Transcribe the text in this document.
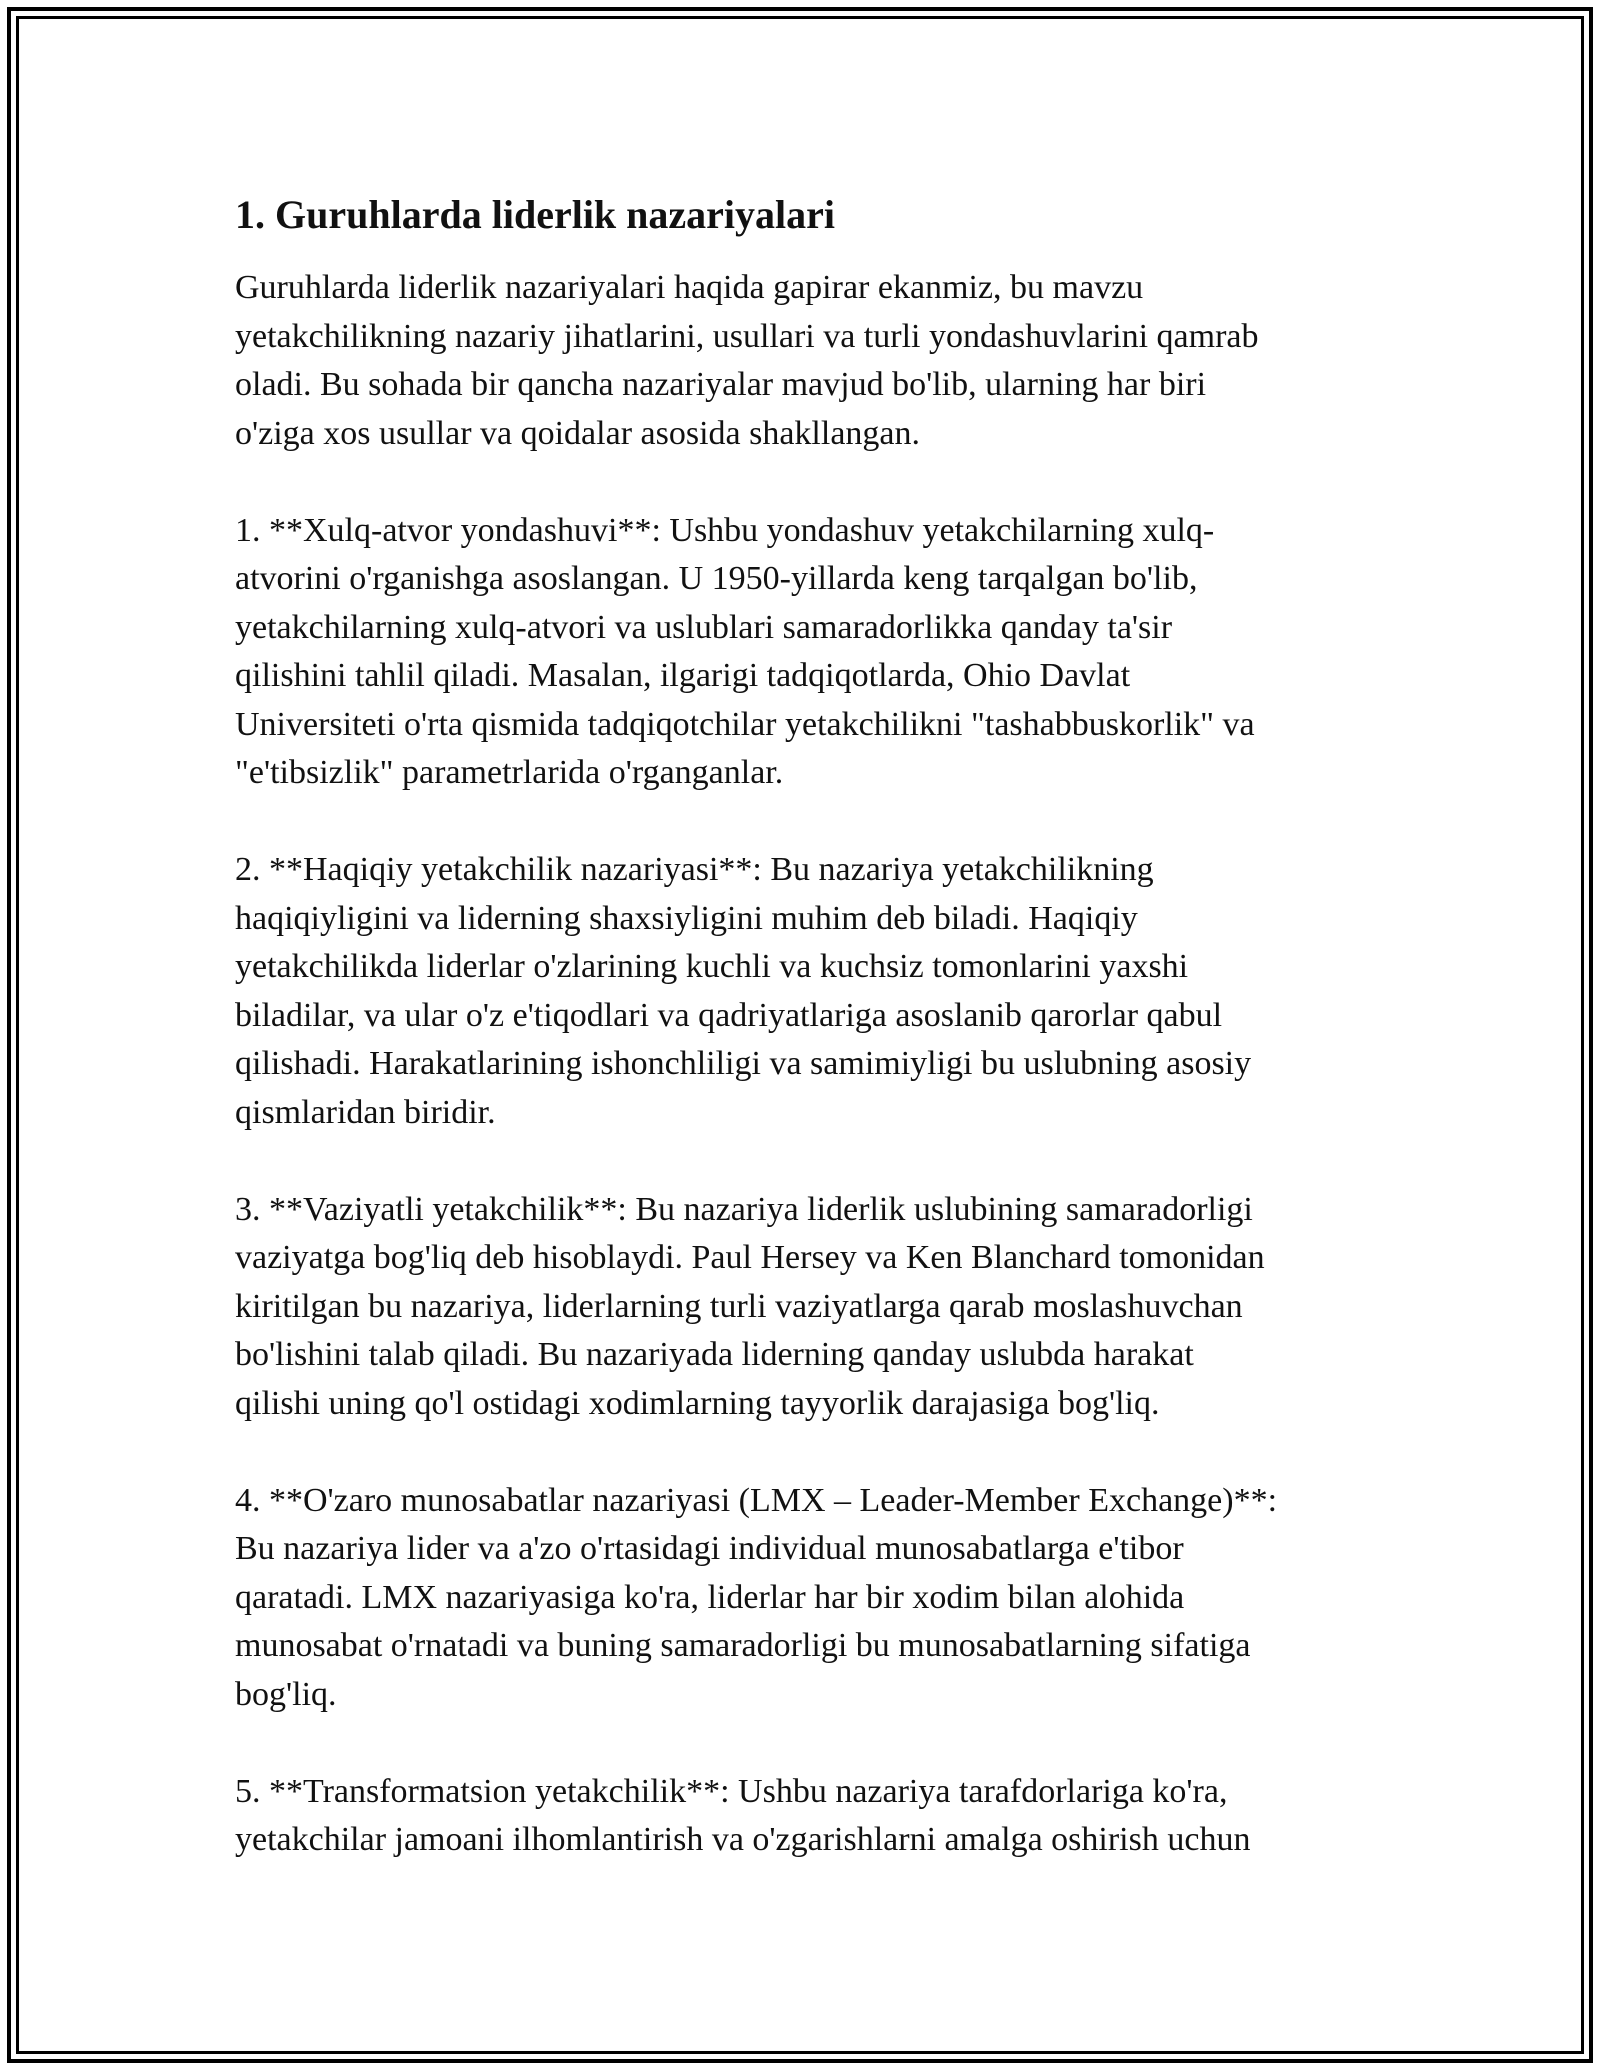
1. Guruhlarda liderlik nazariyalari

Guruhlarda liderlik nazariyalari haqida gapirar ekanmiz, bu mavzu
yetakchilikning nazariy jihatlarini, usullari va turli yondashuvlarini qamrab
oladi. Bu sohada bir qancha nazariyalar mavjud bo'lib, ularning har biri
o'ziga xos usullar va qoidalar asosida shakllangan.

1. **Xulq-atvor yondashuvi**: Ushbu yondashuv yetakchilarning xulq-
atvorini o'rganishga asoslangan. U 1950-yillarda keng tarqalgan bo'lib,
yetakchilarning xulq-atvori va uslublari samaradorlikka qanday ta'sir
qilishini tahlil qiladi. Masalan, ilgarigi tadqiqotlarda, Ohio Davlat
Universiteti o'rta qismida tadqiqotchilar yetakchilikni "tashabbuskorlik" va
"e'tibsizlik" parametrlarida o'rganganlar.

2. **Haqiqiy yetakchilik nazariyasi**: Bu nazariya yetakchilikning
haqiqiyligini va liderning shaxsiyligini muhim deb biladi. Haqiqiy
yetakchilikda liderlar o'zlarining kuchli va kuchsiz tomonlarini yaxshi
biladilar, va ular o'z e'tiqodlari va qadriyatlariga asoslanib qarorlar qabul
qilishadi. Harakatlarining ishonchliligi va samimiyligi bu uslubning asosiy
qismlaridan biridir.

3. **Vaziyatli yetakchilik**: Bu nazariya liderlik uslubining samaradorligi
vaziyatga bog'liq deb hisoblaydi. Paul Hersey va Ken Blanchard tomonidan
kiritilgan bu nazariya, liderlarning turli vaziyatlarga qarab moslashuvchan
bo'lishini talab qiladi. Bu nazariyada liderning qanday uslubda harakat
qilishi uning qo'l ostidagi xodimlarning tayyorlik darajasiga bog'liq.

4. **O'zaro munosabatlar nazariyasi (LMX – Leader-Member Exchange)**:
Bu nazariya lider va a'zo o'rtasidagi individual munosabatlarga e'tibor
qaratadi. LMX nazariyasiga ko'ra, liderlar har bir xodim bilan alohida
munosabat o'rnatadi va buning samaradorligi bu munosabatlarning sifatiga
bog'liq.

5. **Transformatsion yetakchilik**: Ushbu nazariya tarafdorlariga ko'ra,
yetakchilar jamoani ilhomlantirish va o'zgarishlarni amalga oshirish uchun
